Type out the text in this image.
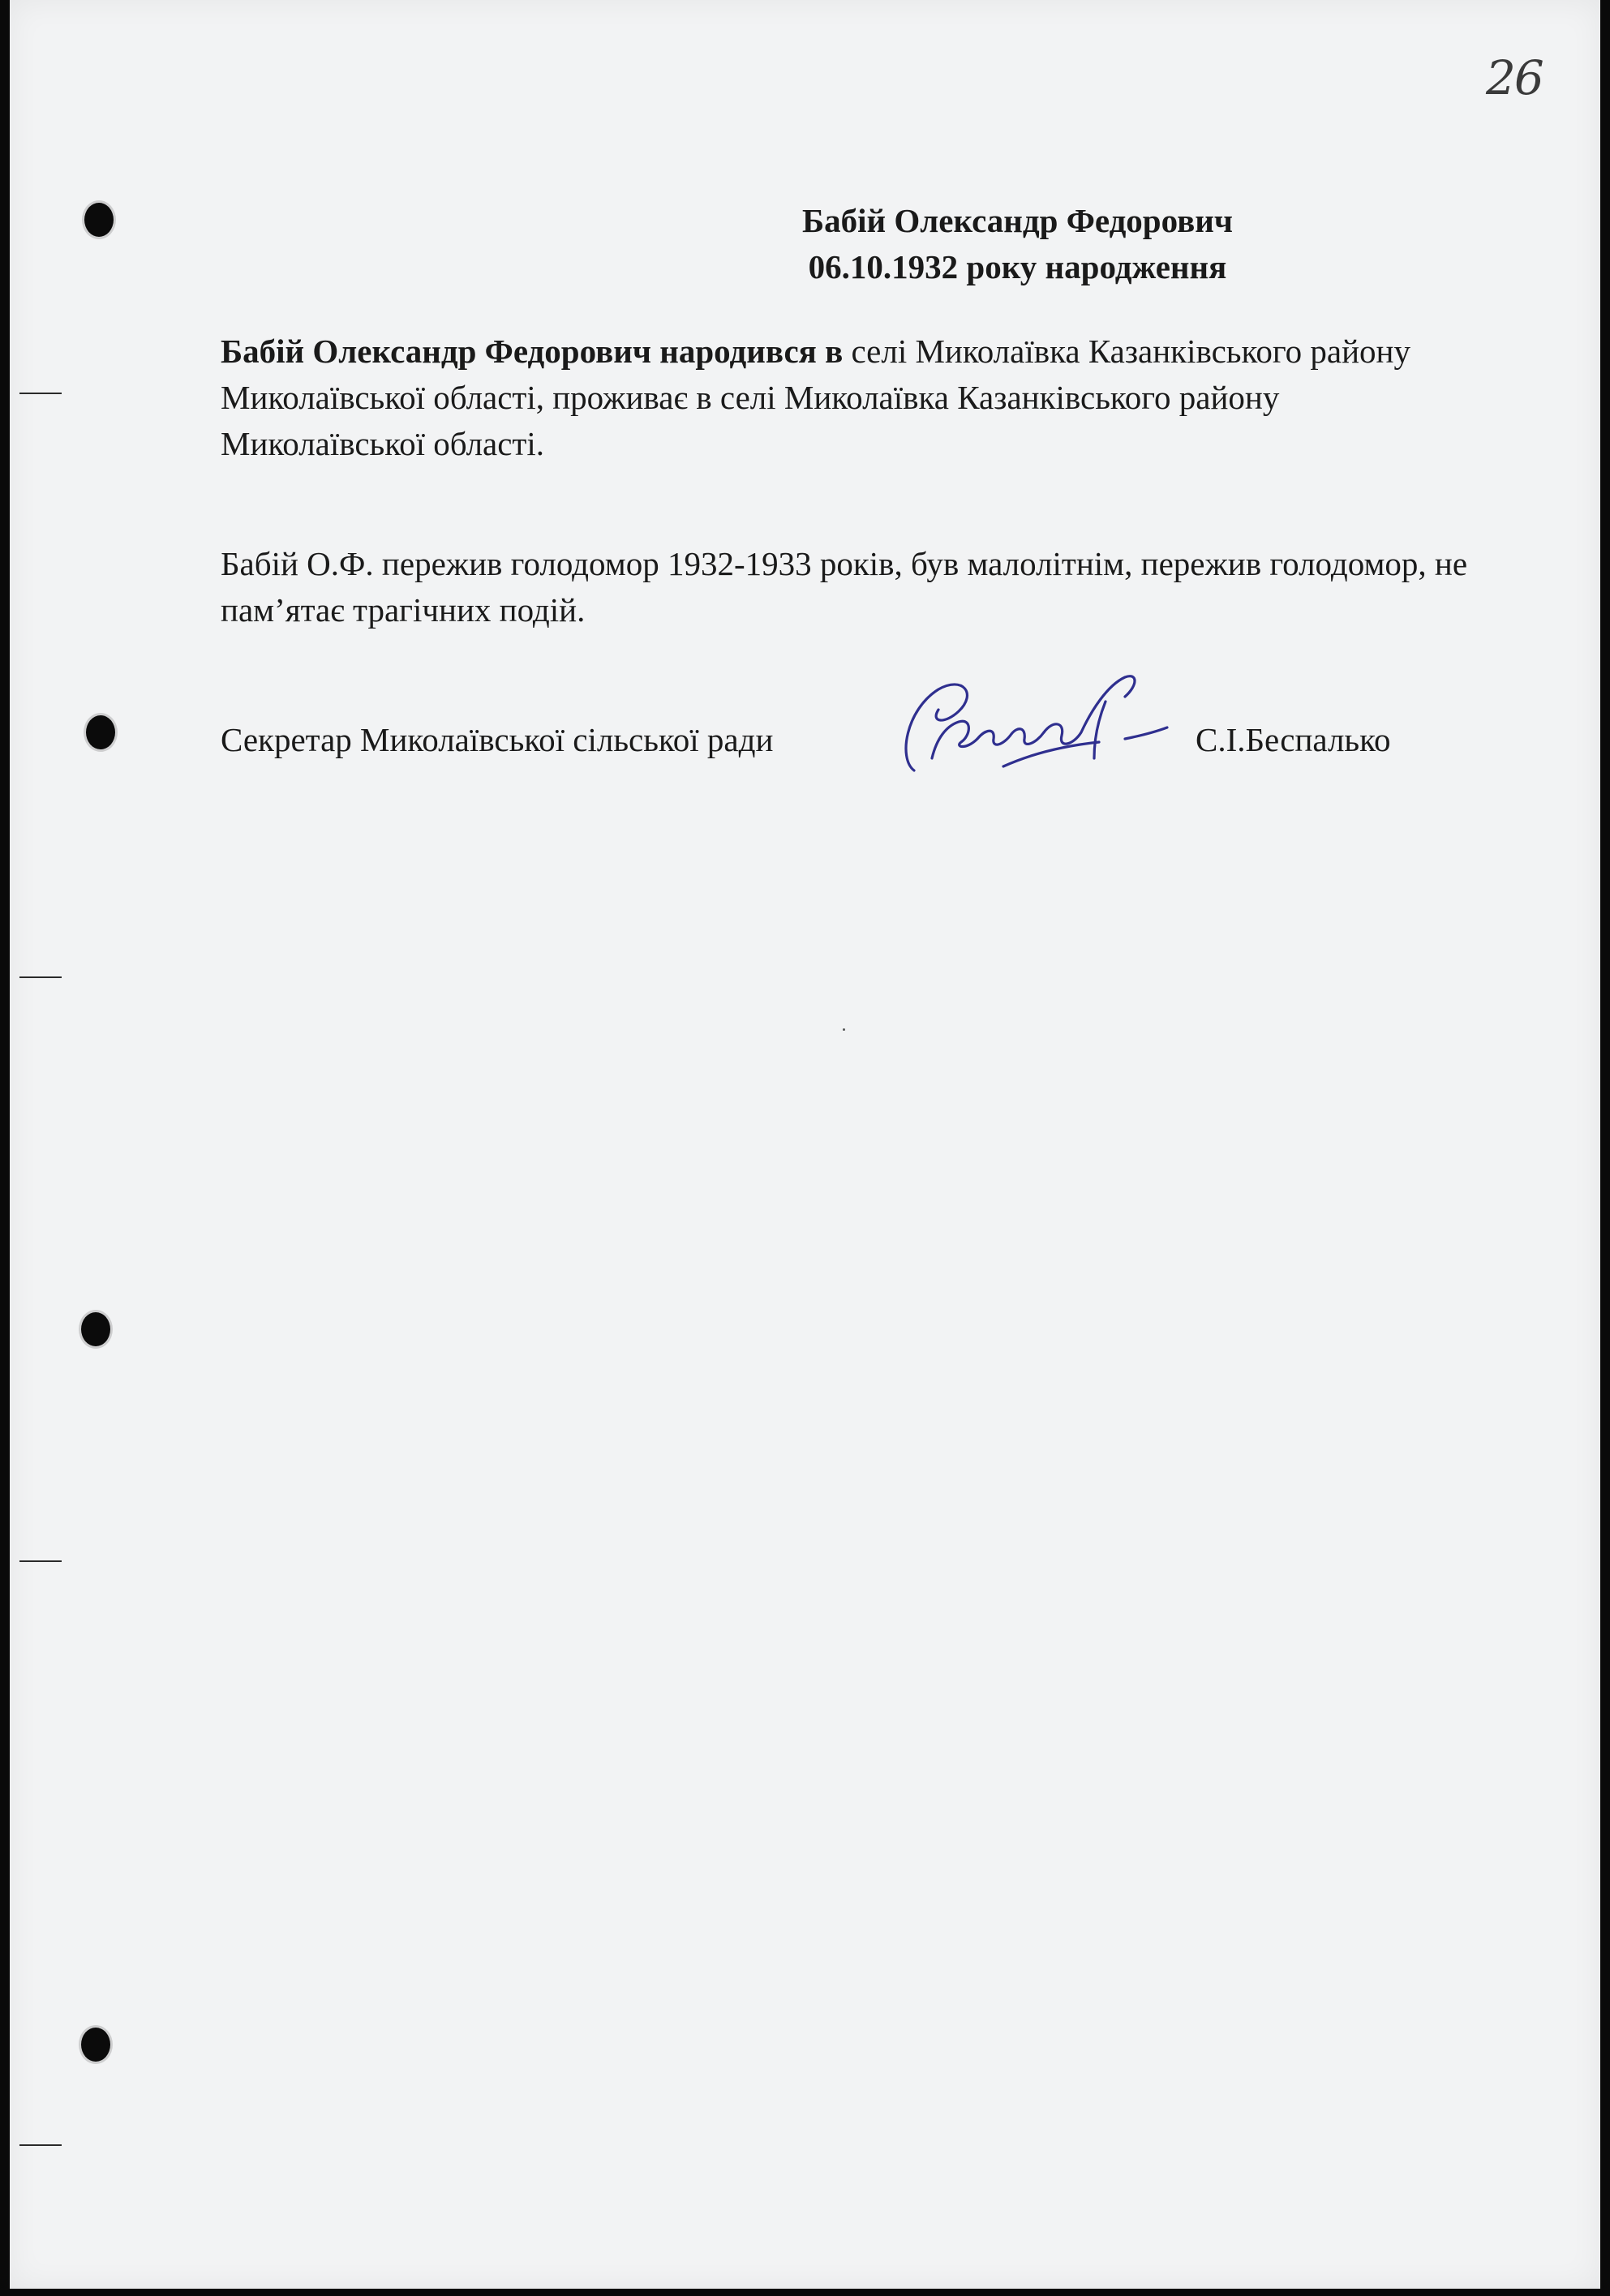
26
Бабій Олександр Федорович
06.10.1932 року народження
Бабій Олександр Федорович народився в селі Миколаївка Казанківського району Миколаївської області, проживає в селі Миколаївка Казанківського району Миколаївської області.
Бабій О.Ф. пережив голодомор 1932-1933 років, був малолітнім, пережив голодомор, не пам’ятає трагічних подій.
Секретар Миколаївської сільської ради	С.І.Беспалько
